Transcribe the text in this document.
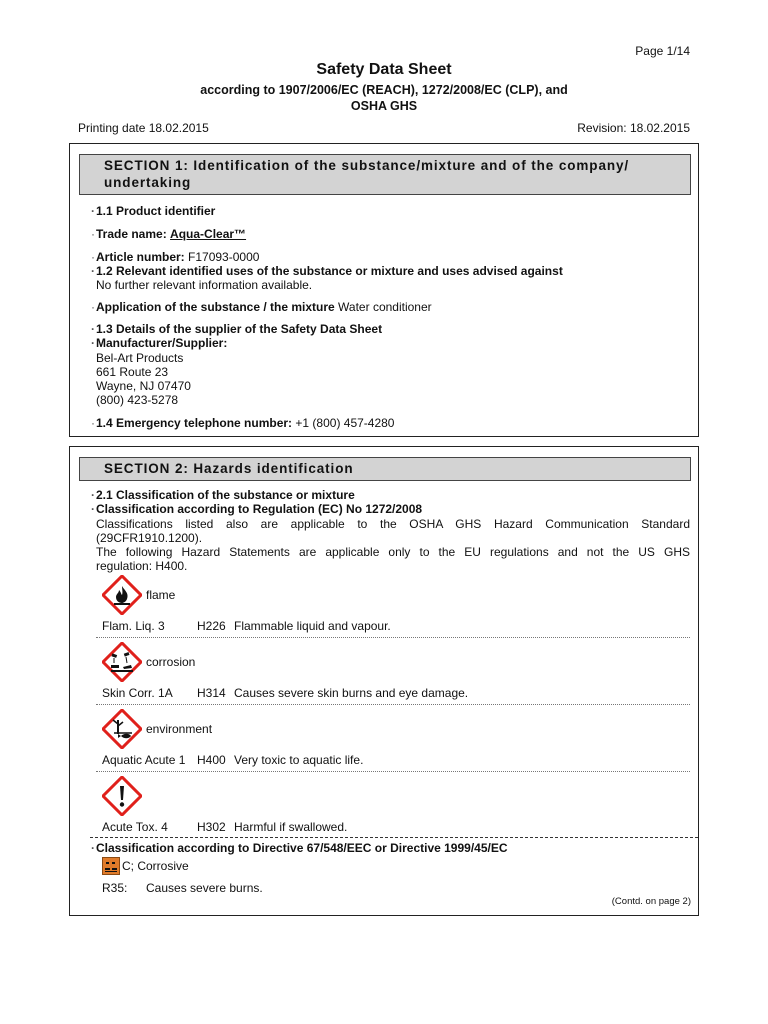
Page 1/14
Safety Data Sheet
according to 1907/2006/EC (REACH), 1272/2008/EC (CLP), and
OSHA GHS
Printing date 18.02.2015	Revision: 18.02.2015
SECTION 1: Identification of the substance/mixture and of the company/
undertaking
· 1.1 Product identifier
· Trade name: Aqua-Clear™
· Article number: F17093-0000
· 1.2 Relevant identified uses of the substance or mixture and uses advised against
No further relevant information available.
· Application of the substance / the mixture Water conditioner
· 1.3 Details of the supplier of the Safety Data Sheet
· Manufacturer/Supplier:
Bel-Art Products
661 Route 23
Wayne, NJ 07470
(800) 423-5278
· 1.4 Emergency telephone number: +1 (800) 457-4280
SECTION 2: Hazards identification
· 2.1 Classification of the substance or mixture
· Classification according to Regulation (EC) No 1272/2008
Classifications listed also are applicable to the OSHA GHS Hazard Communication Standard
(29CFR1910.1200).
The following Hazard Statements are applicable only to the EU regulations and not the US GHS
regulation: H400.
flame
Flam. Liq. 3	H226 Flammable liquid and vapour.
corrosion
Skin Corr. 1A H314 Causes severe skin burns and eye damage.
environment
Aquatic Acute 1 H400 Very toxic to aquatic life.
Acute Tox. 4 H302 Harmful if swallowed.
· Classification according to Directive 67/548/EEC or Directive 1999/45/EC
C; Corrosive
R35: Causes severe burns.
(Contd. on page 2)
